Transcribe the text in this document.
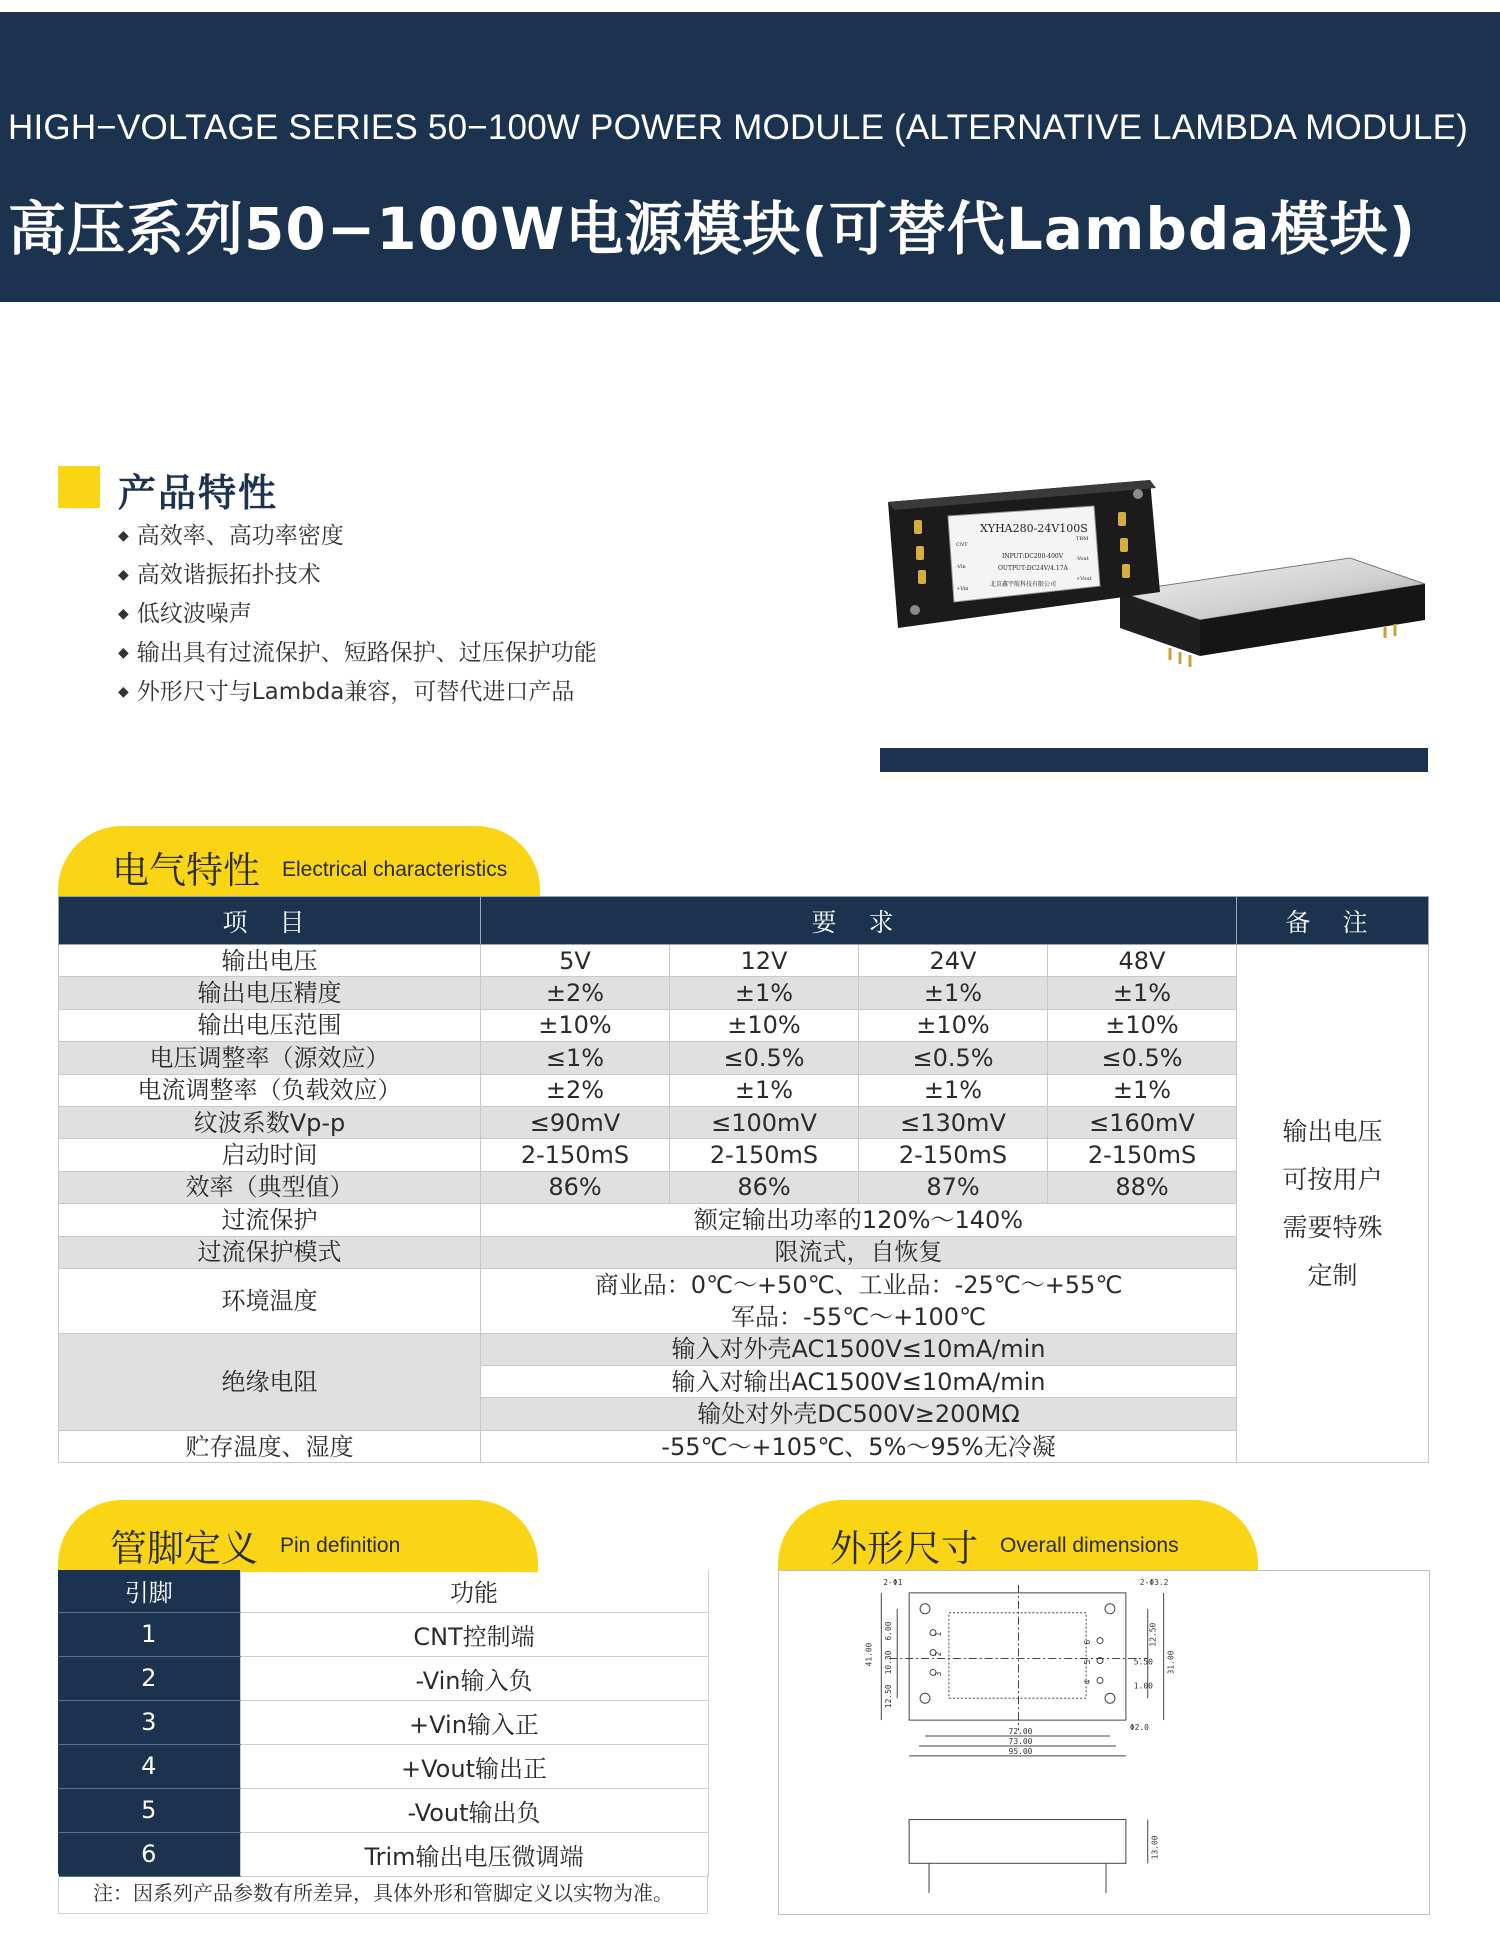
HIGH−VOLTAGE SERIES 50−100W POWER MODULE (ALTERNATIVE LAMBDA MODULE)
高压系列50−100W电源模块(可替代Lambda模块)
产品特性
◆ 高效率、高功率密度
◆ 高效谐振拓扑技术
◆ 低纹波噪声
◆ 输出具有过流保护、短路保护、过压保护功能
◆ 外形尺寸与Lambda兼容，可替代进口产品
XYHA280-24V100S
INPUT:DC200-400V
OUTPUT:DC24V/4.17A
北京鑫宇航科技有限公司
CNT
-Vin
+Vin
TRM
-Vout
+Vout
电气特性 Electrical characteristics
项 目	要 求				备 注
输出电压	5V	12V	24V	48V	输出电压
可按用户
需要特殊
定制

输出电压精度	±2%	±1%	±1%	±1%	
输出电压范围	±10%	±10%	±10%	±10%	
电压调整率（源效应）	≤1%	≤0.5%	≤0.5%	≤0.5%	
电流调整率（负载效应）	±2%	±1%	±1%	±1%	
纹波系数Vp-p	≤90mV	≤100mV	≤130mV	≤160mV	
启动时间	2-150mS	2-150mS	2-150mS	2-150mS	
效率（典型值）	86%	86%	87%	88%	
过流保护	额定输出功率的120%～140%				
过流保护模式	限流式，自恢复				
环境温度	商业品：0℃～+50℃、工业品：-25℃～+55℃				
	军品：-55℃～+100℃				
绝缘电阻	输入对外壳AC1500V≤10mA/min				
	输入对输出AC1500V≤10mA/min				
	输处对外壳DC500V≥200MΩ				
贮存温度、湿度	-55℃～+105℃、5%～95%无冷凝				
管脚定义 Pin definition
引脚	功能
1	CNT控制端
2	-Vin输入负
3	+Vin输入正
4	+Vout输出正
5	-Vout输出负
6	Trim输出电压微调端
注：因系列产品参数有所差异，具体外形和管脚定义以实物为准。
外形尺寸 Overall dimensions
2-Φ1	2-Φ3.2
Φ2.0
41.00
12.50
10.30
6.00	12.50
31.00
5.50
1.00
72.00
73.00
95.00
13.00
1
2
3
4
5
6
